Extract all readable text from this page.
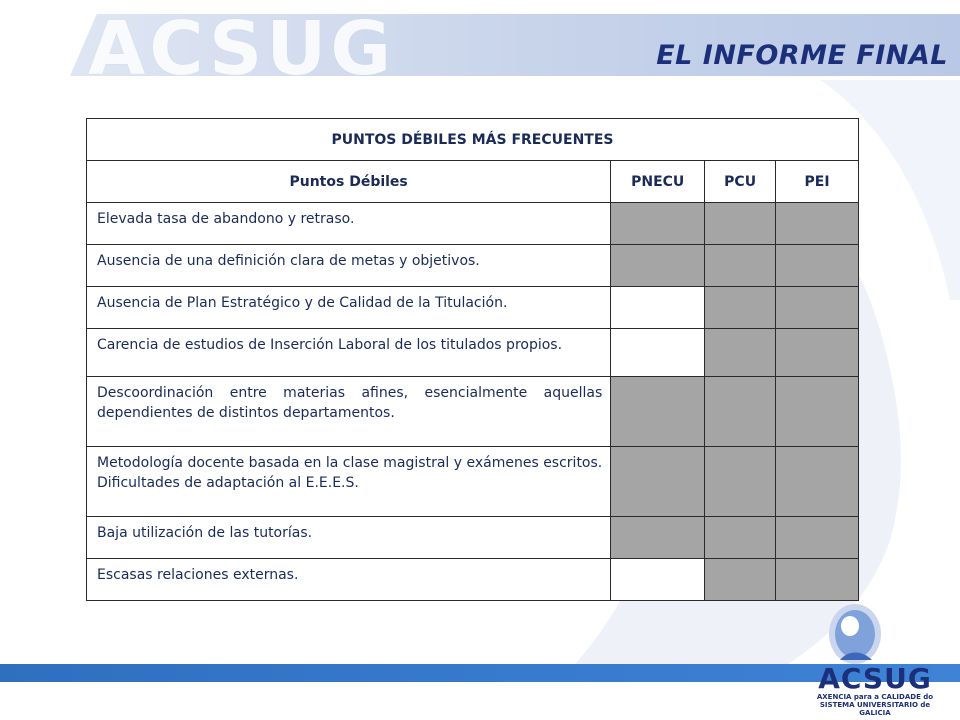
ACSUG	EL INFORME FINAL
PUNTOS DÉBILES MÁS FRECUENTES			
Puntos Débiles	PNECU	PCU	PEI
Elevada tasa de abandono y retraso.			
Ausencia de una definición clara de metas y objetivos.			
Ausencia de Plan Estratégico y de Calidad de la Titulación.			
Carencia de estudios de Inserción Laboral de los titulados propios.			
Descoordinación entre materias afines, esencialmente aquellas dependientes de distintos departamentos.			
Metodología docente basada en la clase magistral y exámenes escritos. Dificultades de adaptación al E.E.E.S.			
Baja utilización de las tutorías.			
Escasas relaciones externas.			
ACSUG
AXENCIA para a CALIDADE do
SISTEMA UNIVERSITARIO de
GALICIA
